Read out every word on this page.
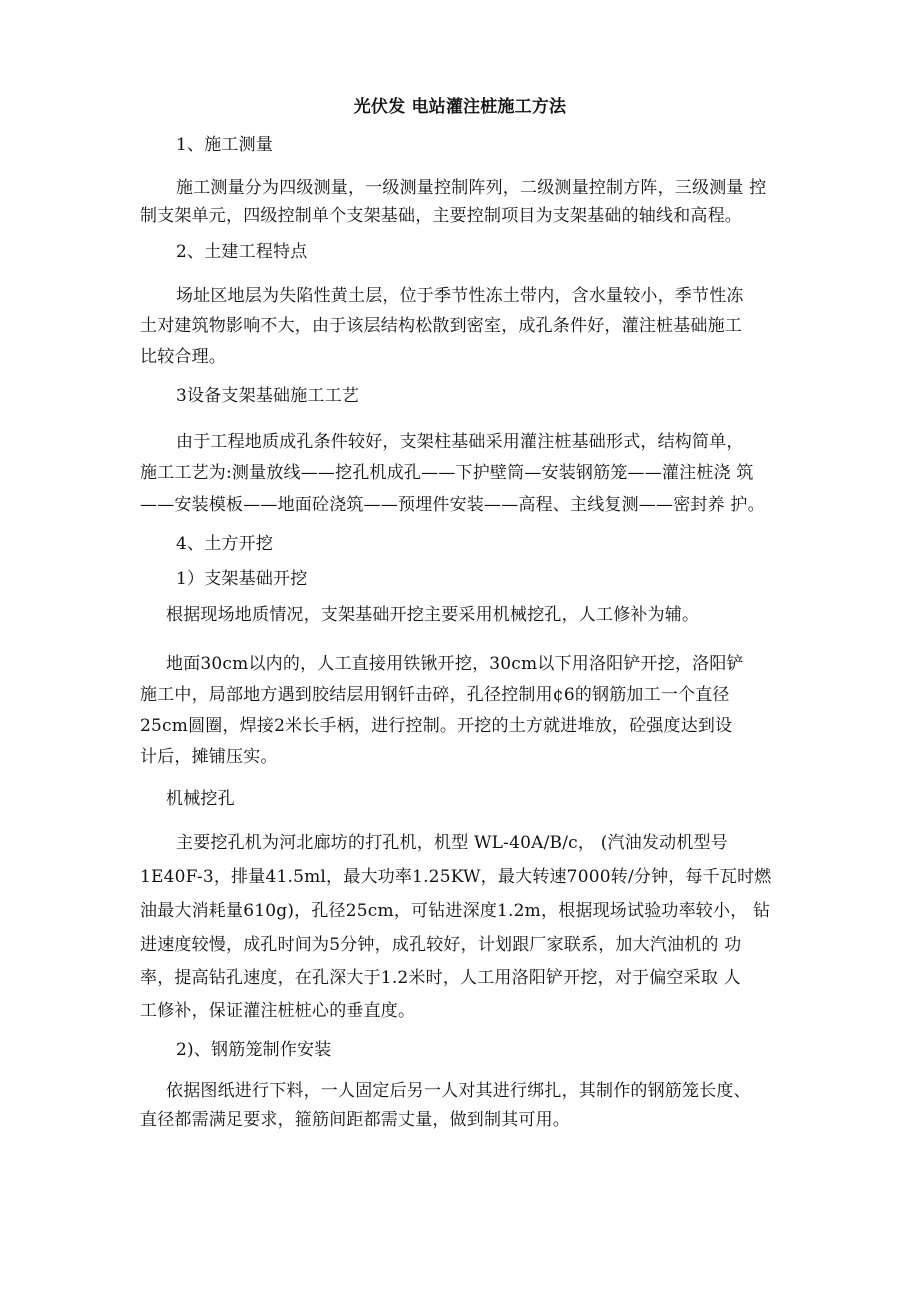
光伏发 电站灌注桩施工方法
1、施工测量
施工测量分为四级测量，一级测量控制阵列，二级测量控制方阵，三级测量 控
制支架单元，四级控制单个支架基础，主要控制项目为支架基础的轴线和高程。
2、土建工程特点
场址区地层为失陷性黄土层，位于季节性冻土带内，含水量较小，季节性冻
土对建筑物影响不大，由于该层结构松散到密室，成孔条件好，灌注桩基础施工
比较合理。
3设备支架基础施工工艺
由于工程地质成孔条件较好，支架柱基础采用灌注桩基础形式，结构简单，
施工工艺为:测量放线——挖孔机成孔——下护壁筒—安装钢筋笼——灌注桩浇 筑
——安装模板——地面砼浇筑——预埋件安装——高程、主线复测——密封养 护。
4、土方开挖
1）支架基础开挖
根据现场地质情况，支架基础开挖主要采用机械挖孔，人工修补为辅。
地面30cm以内的，人工直接用铁锹开挖，30cm以下用洛阳铲开挖，洛阳铲
施工中，局部地方遇到胶结层用钢钎击碎，孔径控制用¢6的钢筋加工一个直径
25cm圆圈，焊接2米长手柄，进行控制。开挖的土方就进堆放，砼强度达到设
计后，摊铺压实。
机械挖孔
主要挖孔机为河北廊坊的打孔机，机型 WL-40A/B/c， (汽油发动机型号
1E40F-3，排量41.5ml，最大功率1.25KW，最大转速7000转/分钟，每千瓦时燃
油最大消耗量610g)，孔径25cm，可钻进深度1.2m，根据现场试验功率较小， 钻
进速度较慢，成孔时间为5分钟，成孔较好，计划跟厂家联系，加大汽油机的 功
率，提高钻孔速度，在孔深大于1.2米时，人工用洛阳铲开挖，对于偏空采取 人
工修补，保证灌注桩桩心的垂直度。
2)、钢筋笼制作安装
依据图纸进行下料，一人固定后另一人对其进行绑扎，其制作的钢筋笼长度、
直径都需满足要求，箍筋间距都需丈量，做到制其可用。
